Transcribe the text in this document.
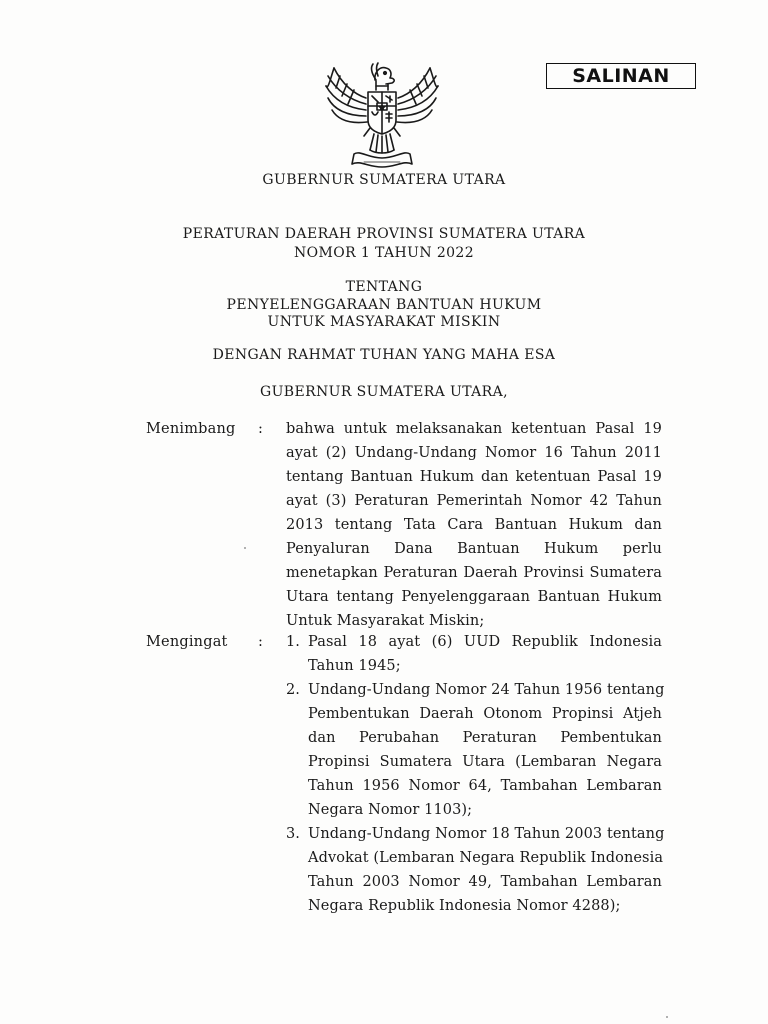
SALINAN
GUBERNUR SUMATERA UTARA
PERATURAN DAERAH PROVINSI SUMATERA UTARA
NOMOR 1 TAHUN 2022
TENTANG
PENYELENGGARAAN BANTUAN HUKUM
UNTUK MASYARAKAT MISKIN
DENGAN RAHMAT TUHAN YANG MAHA ESA
GUBERNUR SUMATERA UTARA,
Menimbang : bahwa untuk melaksanakan ketentuan Pasal 19
ayat (2) Undang-Undang Nomor 16 Tahun 2011
tentang Bantuan Hukum dan ketentuan Pasal 19
ayat (3) Peraturan Pemerintah Nomor 42 Tahun
2013 tentang Tata Cara Bantuan Hukum dan
Penyaluran Dana Bantuan Hukum perlu
menetapkan Peraturan Daerah Provinsi Sumatera
Utara tentang Penyelenggaraan Bantuan Hukum
Untuk Masyarakat Miskin;
Mengingat : 1. Pasal 18 ayat (6) UUD Republik Indonesia
Tahun 1945;
2. Undang-Undang Nomor 24 Tahun 1956 tentang
Pembentukan Daerah Otonom Propinsi Atjeh
dan Perubahan Peraturan Pembentukan
Propinsi Sumatera Utara (Lembaran Negara
Tahun 1956 Nomor 64, Tambahan Lembaran
Negara Nomor 1103);
3. Undang-Undang Nomor 18 Tahun 2003 tentang
Advokat (Lembaran Negara Republik Indonesia
Tahun 2003 Nomor 49, Tambahan Lembaran
Negara Republik Indonesia Nomor 4288);
